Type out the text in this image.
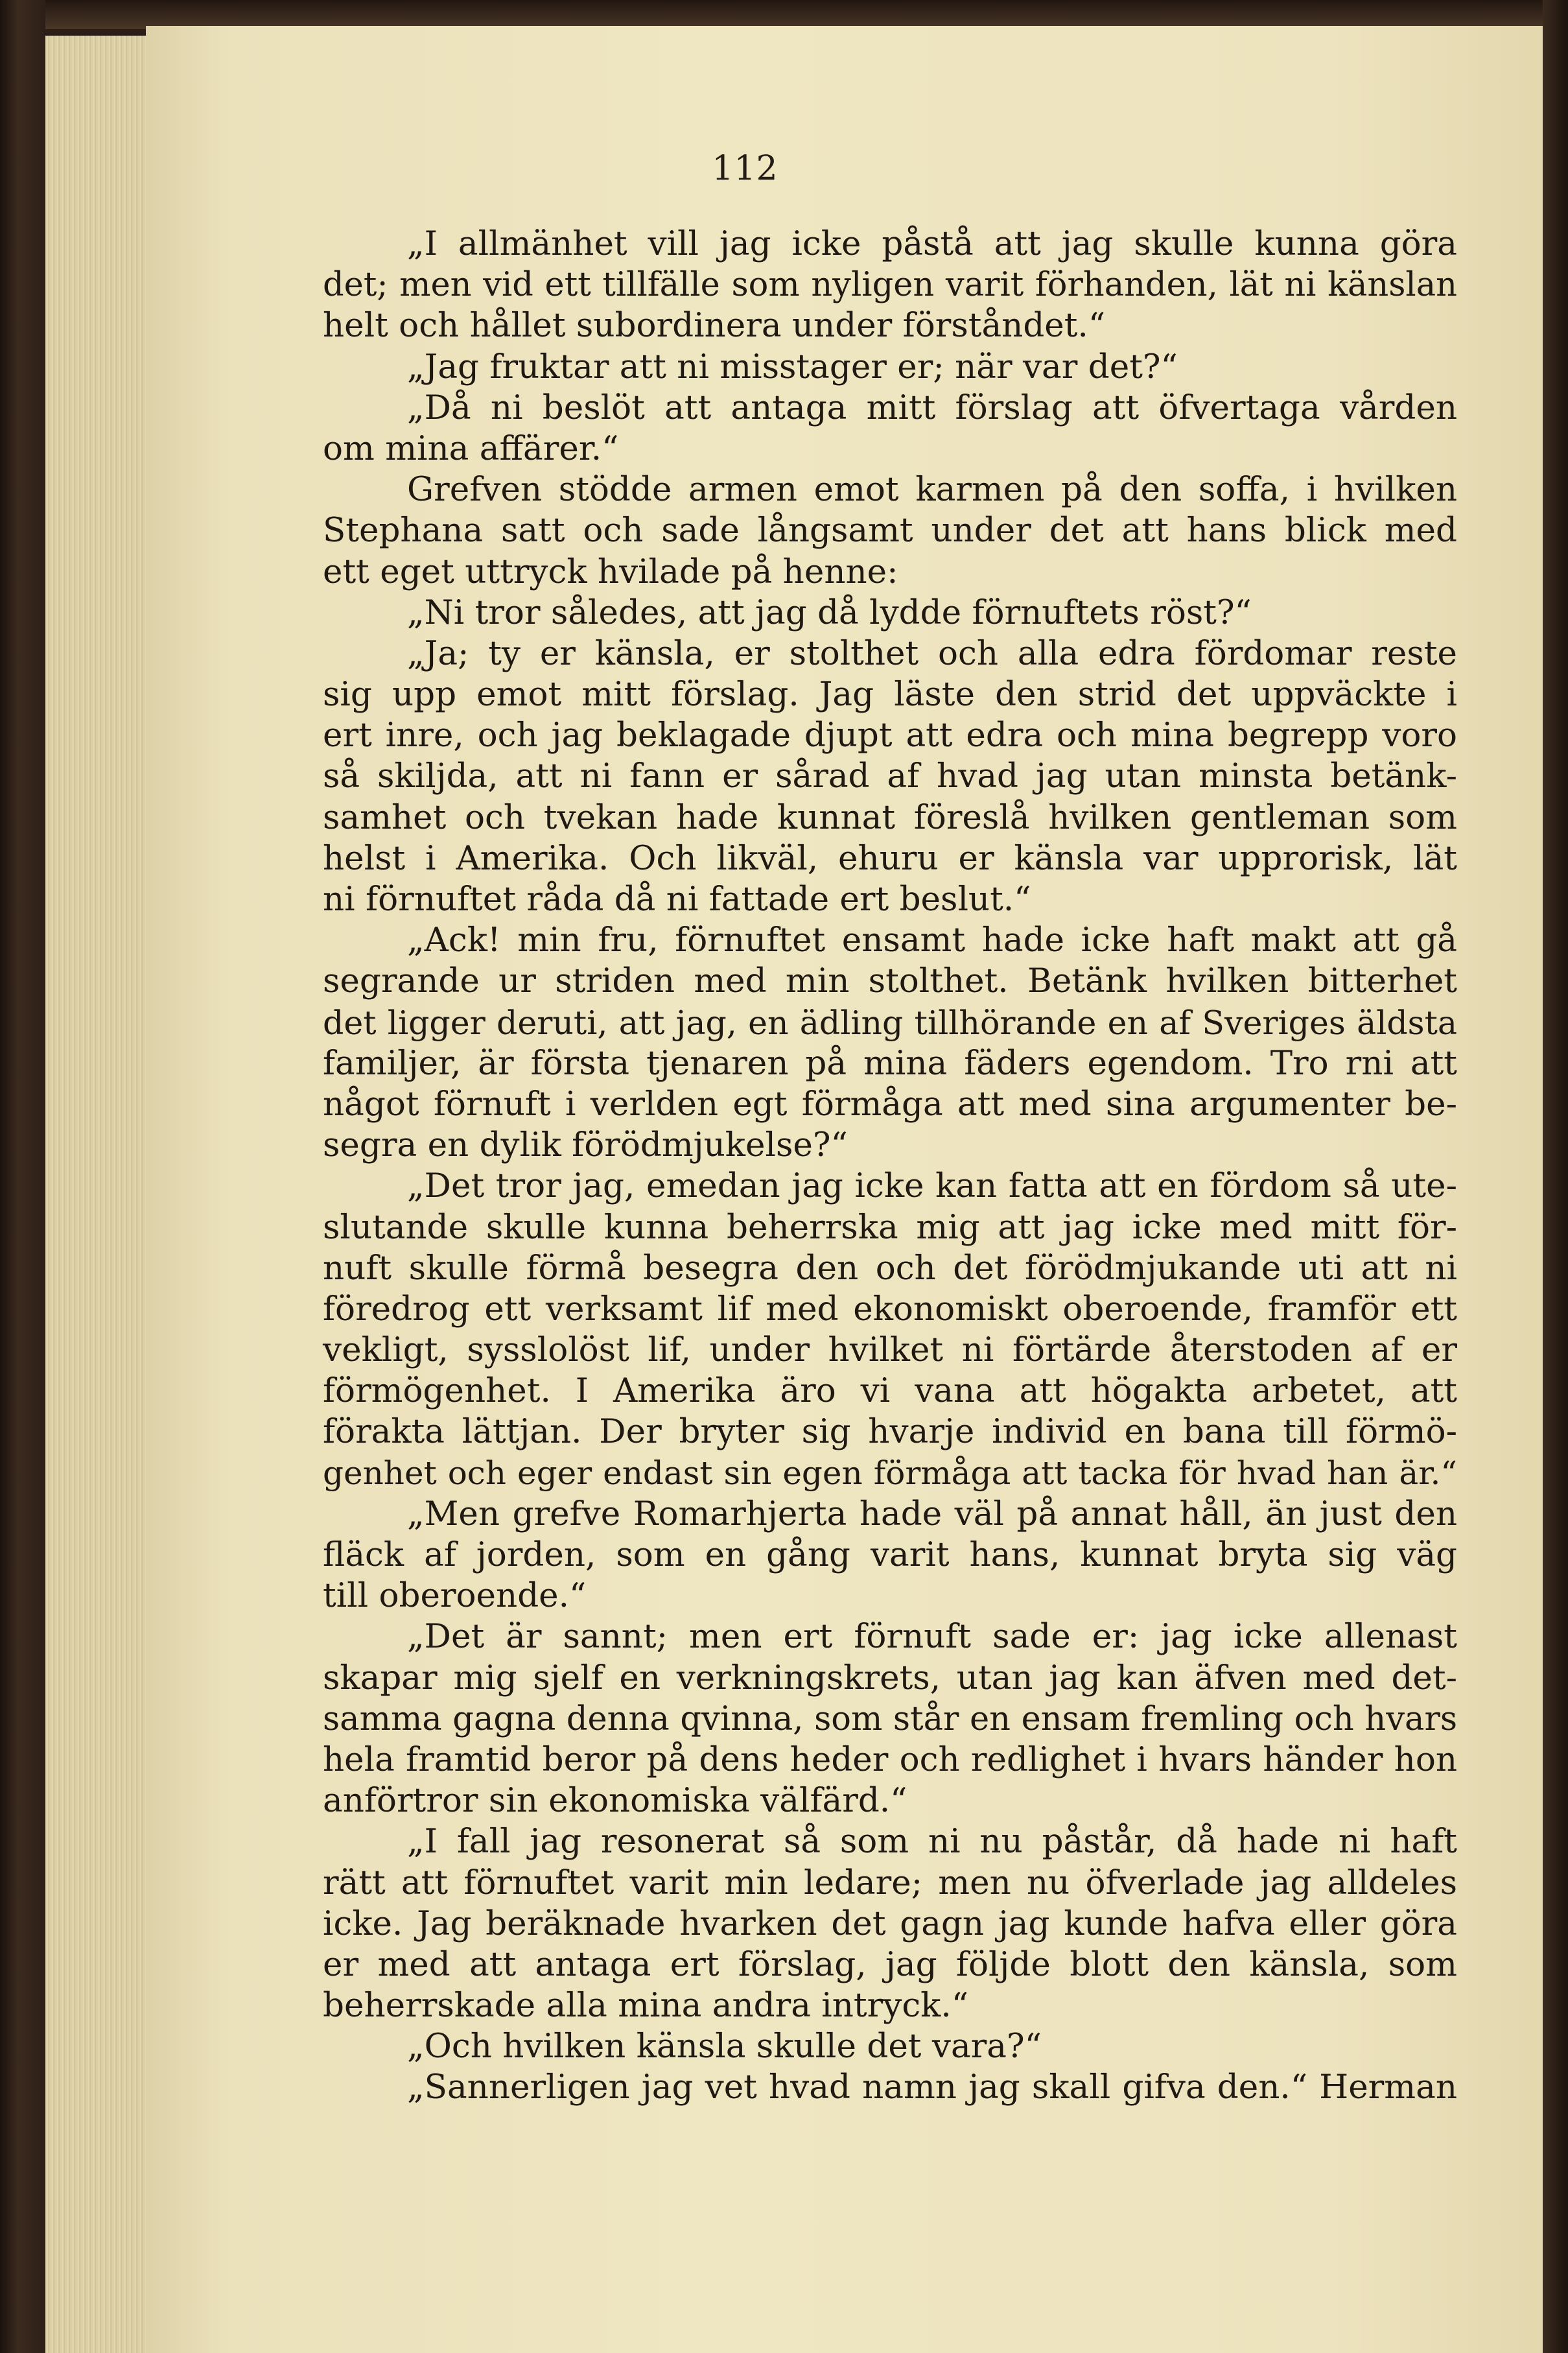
112
„I allmänhet vill jag icke påstå att jag skulle kunna göra
det; men vid ett tillfälle som nyligen varit förhanden, lät ni känslan
helt och hållet subordinera under förståndet.“
„Jag fruktar att ni misstager er; när var det?“
„Då ni beslöt att antaga mitt förslag att öfvertaga vården
om mina affärer.“
Grefven stödde armen emot karmen på den soffa, i hvilken
Stephana satt och sade långsamt under det att hans blick med
ett eget uttryck hvilade på henne:
„Ni tror således, att jag då lydde förnuftets röst?“
„Ja; ty er känsla, er stolthet och alla edra fördomar reste
sig upp emot mitt förslag. Jag läste den strid det uppväckte i
ert inre, och jag beklagade djupt att edra och mina begrepp voro
så skiljda, att ni fann er sårad af hvad jag utan minsta betänk-
samhet och tvekan hade kunnat föreslå hvilken gentleman som
helst i Amerika. Och likväl, ehuru er känsla var upprorisk, lät
ni förnuftet råda då ni fattade ert beslut.“
„Ack! min fru, förnuftet ensamt hade icke haft makt att gå
segrande ur striden med min stolthet. Betänk hvilken bitterhet
det ligger deruti, att jag, en ädling tillhörande en af Sveriges äldsta
familjer, är första tjenaren på mina fäders egendom. Tro rni att
något förnuft i verlden egt förmåga att med sina argumenter be-
segra en dylik förödmjukelse?“
„Det tror jag, emedan jag icke kan fatta att en fördom så ute-
slutande skulle kunna beherrska mig att jag icke med mitt för-
nuft skulle förmå besegra den och det förödmjukande uti att ni
föredrog ett verksamt lif med ekonomiskt oberoende, framför ett
vekligt, sysslolöst lif, under hvilket ni förtärde återstoden af er
förmögenhet. I Amerika äro vi vana att högakta arbetet, att
förakta lättjan. Der bryter sig hvarje individ en bana till förmö-
genhet och eger endast sin egen förmåga att tacka för hvad han är.“
„Men grefve Romarhjerta hade väl på annat håll, än just den
fläck af jorden, som en gång varit hans, kunnat bryta sig väg
till oberoende.“
„Det är sannt; men ert förnuft sade er: jag icke allenast
skapar mig sjelf en verkningskrets, utan jag kan äfven med det-
samma gagna denna qvinna, som står en ensam fremling och hvars
hela framtid beror på dens heder och redlighet i hvars händer hon
anförtror sin ekonomiska välfärd.“
„I fall jag resonerat så som ni nu påstår, då hade ni haft
rätt att förnuftet varit min ledare; men nu öfverlade jag alldeles
icke. Jag beräknade hvarken det gagn jag kunde hafva eller göra
er med att antaga ert förslag, jag följde blott den känsla, som
beherrskade alla mina andra intryck.“
„Och hvilken känsla skulle det vara?“
„Sannerligen jag vet hvad namn jag skall gifva den.“ Herman
